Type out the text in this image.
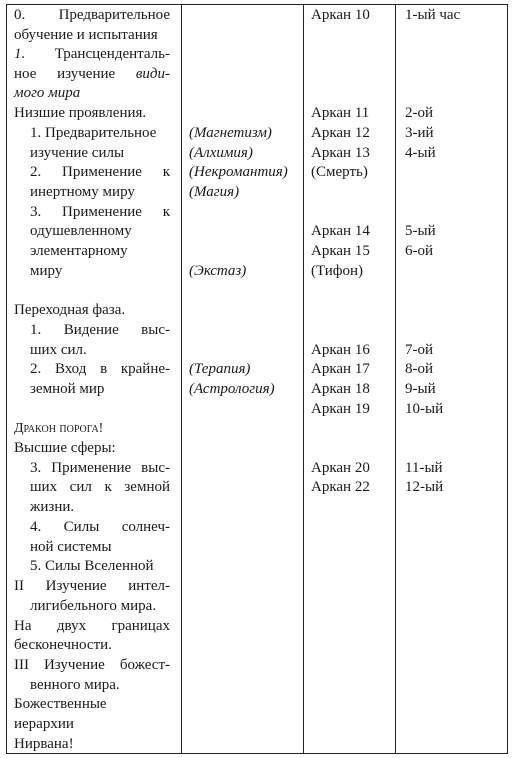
0.    Предварительное
обучение и испытания
1.   Трансценденталь-
ное изучение види-
мого мира
Низшие проявления.
1. Предварительное
изучение силы
2. Применение к
инертному миру
3. Применение к
одушевленному
элементарному
миру
Переходная фаза.
1. Видение выс-
ших сил.
2. Вход в крайне-
земной мир
Дракон порога!
Высшие сферы:
3. Применение выс-
ших сил к земной
жизни.
4. Силы солнеч-
ной системы
5. Силы Вселенной
II Изучение интел-
лигибельного мира.
На двух границах
бесконечности.
III Изучение божест-
венного мира.
Божественные
иерархии
Нирвана!
(Магнетизм)
(Алхимия)
(Некромантия)
(Магия)
(Экстаз)
(Терапия)
(Астрология)
Аркан 10
Аркан 11
Аркан 12
Аркан 13
(Смерть)
Аркан 14
Аркан 15
(Тифон)
Аркан 16
Аркан 17
Аркан 18
Аркан 19
Аркан 20
Аркан 22
1-ый час
2-ой
3-ий
4-ый
5-ый
6-ой
7-ой
8-ой
9-ый
10-ый
11-ый
12-ый
